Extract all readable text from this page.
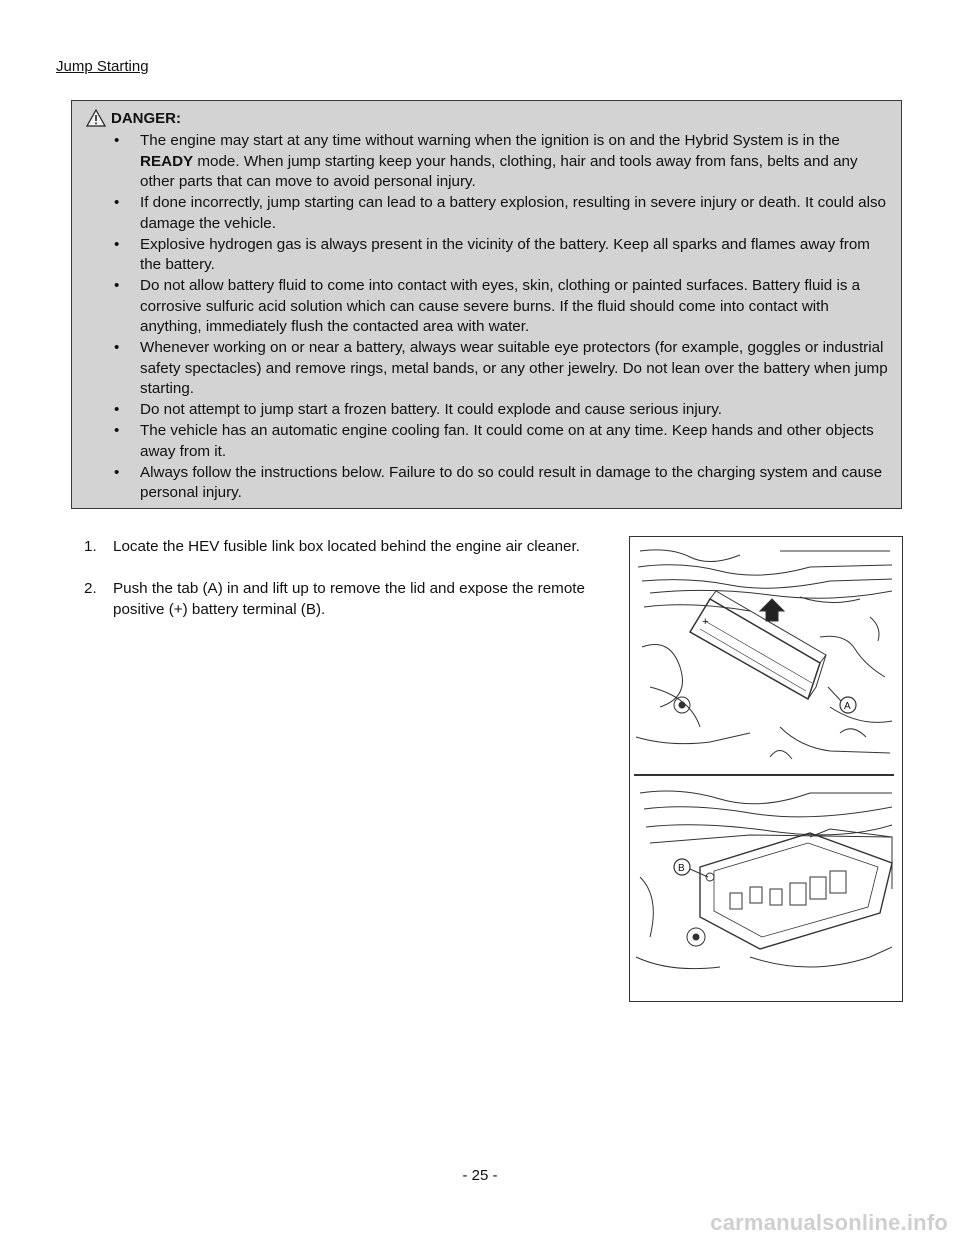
Jump Starting
DANGER:
• The engine may start at any time without warning when the ignition is on and the Hybrid System is in the READY mode. When jump starting keep your hands, clothing, hair and tools away from fans, belts and any other parts that can move to avoid personal injury.
• If done incorrectly, jump starting can lead to a battery explosion, resulting in severe injury or death. It could also damage the vehicle.
• Explosive hydrogen gas is always present in the vicinity of the battery. Keep all sparks and flames away from the battery.
• Do not allow battery fluid to come into contact with eyes, skin, clothing or painted surfaces. Battery fluid is a corrosive sulfuric acid solution which can cause severe burns. If the fluid should come into contact with anything, immediately flush the contacted area with water.
• Whenever working on or near a battery, always wear suitable eye protectors (for example, goggles or industrial safety spectacles) and remove rings, metal bands, or any other jewelry. Do not lean over the battery when jump starting.
• Do not attempt to jump start a frozen battery. It could explode and cause serious injury.
• The vehicle has an automatic engine cooling fan. It could come on at any time. Keep hands and other objects away from it.
• Always follow the instructions below. Failure to do so could result in damage to the charging system and cause personal injury.
1. Locate the HEV fusible link box located behind the engine air cleaner.
2. Push the tab (A) in and lift up to remove the lid and expose the remote positive (+) battery terminal (B).
A
+
B
- 25 -
carmanualsonline.info
